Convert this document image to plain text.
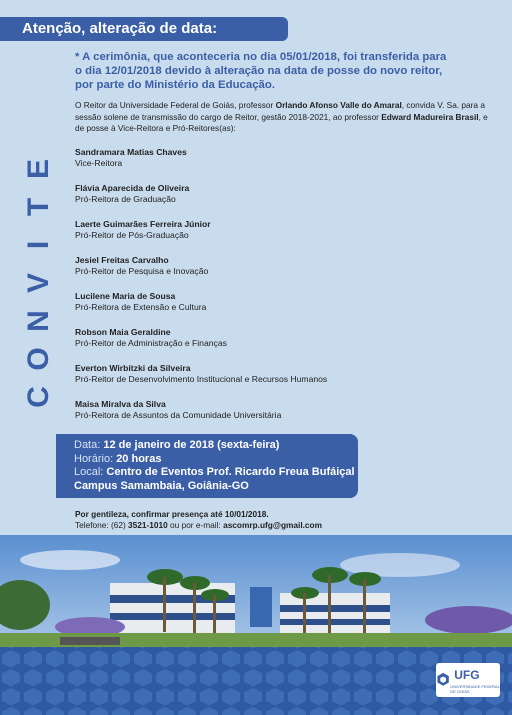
Atenção, alteração de data:
* A cerimônia, que aconteceria no dia 05/01/2018, foi transferida para o dia 12/01/2018 devido à alteração na data de posse do novo reitor, por parte do Ministério da Educação.
O Reitor da Universidade Federal de Goiás, professor Orlando Afonso Valle do Amaral, convida V. Sa. para a sessão solene de transmissão do cargo de Reitor, gestão 2018-2021, ao professor Edward Madureira Brasil, e de posse à Vice-Reitora e Pró-Reitores(as):
E
T
I
V
N
O
C
Sandramara Matias Chaves
Vice-Reitora
Flávia Aparecida de Oliveira
Pró-Reitora de Graduação
Laerte Guimarães Ferreira Júnior
Pró-Reitor de Pós-Graduação
Jesiel Freitas Carvalho
Pró-Reitor de Pesquisa e Inovação
Lucilene Maria de Sousa
Pró-Reitora de Extensão e Cultura
Robson Maia Geraldine
Pró-Reitor de Administração e Finanças
Everton Wirbitzki da Silveira
Pró-Reitor de Desenvolvimento Institucional e Recursos Humanos
Maisa Miralva da Silva
Pró-Reitora de Assuntos da Comunidade Universitária
Data: 12 de janeiro de 2018 (sexta-feira)
Horário: 20 horas
Local: Centro de Eventos Prof. Ricardo Freua Bufáiçal
Campus Samambaia, Goiânia-GO
Por gentileza, confirmar presença até 10/01/2018.
Telefone: (62) 3521-1010 ou por e-mail: ascomrp.ufg@gmail.com
UFG
UNIVERSIDADE FEDERAL DE GOIÁS
